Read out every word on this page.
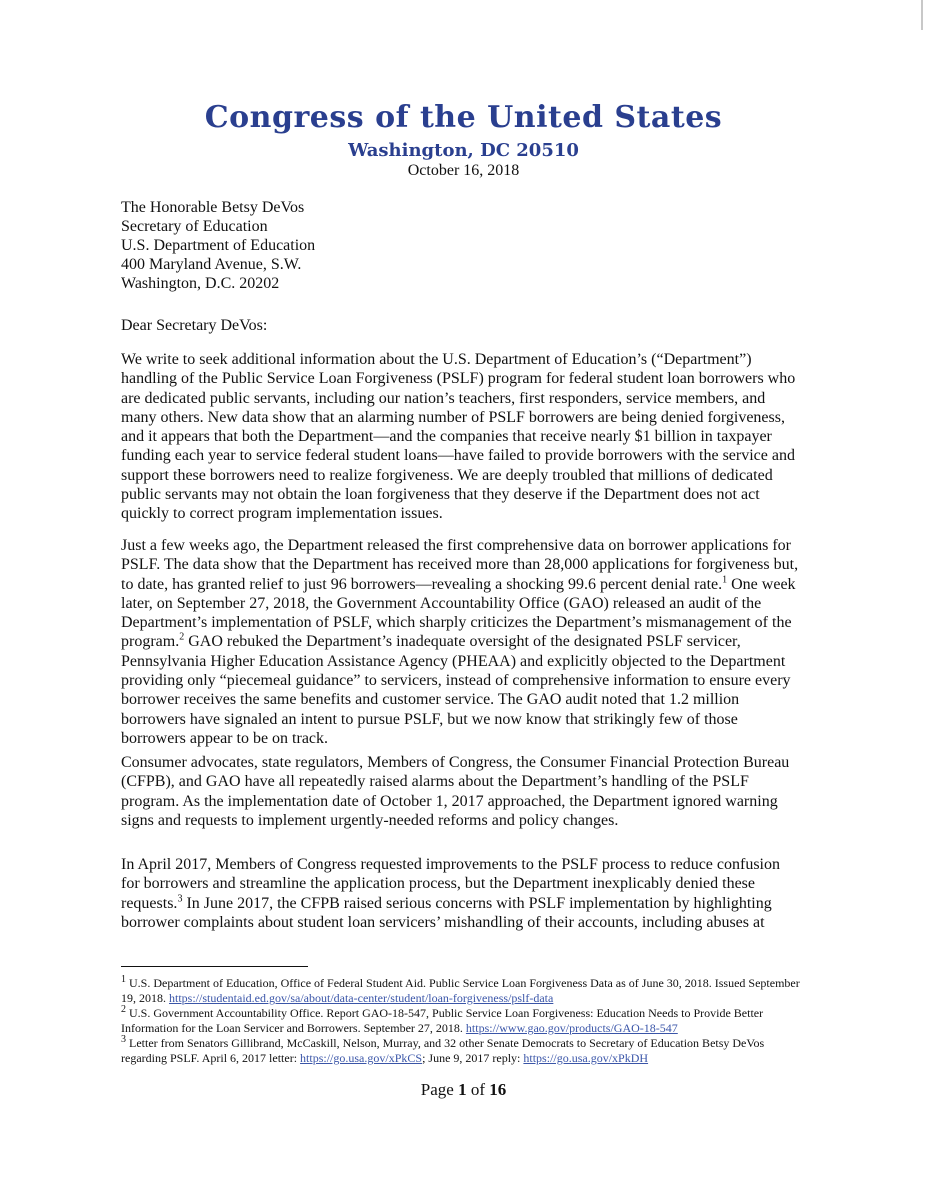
Congress of the United States
Washington, DC 20510
October 16, 2018
The Honorable Betsy DeVos
Secretary of Education
U.S. Department of Education
400 Maryland Avenue, S.W.
Washington, D.C. 20202
Dear Secretary DeVos:

We write to seek additional information about the U.S. Department of Education’s (“Department”) handling of the Public Service Loan Forgiveness (PSLF) program for federal student loan borrowers who are dedicated public servants, including our nation’s teachers, first responders, service members, and many others. New data show that an alarming number of PSLF borrowers are being denied forgiveness, and it appears that both the Department—and the companies that receive nearly $1 billion in taxpayer funding each year to service federal student loans—have failed to provide borrowers with the service and support these borrowers need to realize forgiveness. We are deeply troubled that millions of dedicated public servants may not obtain the loan forgiveness that they deserve if the Department does not act quickly to correct program implementation issues.

Just a few weeks ago, the Department released the first comprehensive data on borrower applications for PSLF. The data show that the Department has received more than 28,000 applications for forgiveness but, to date, has granted relief to just 96 borrowers—revealing a shocking 99.6 percent denial rate.$^1$ One week later, on September 27, 2018, the Government Accountability Office (GAO) released an audit of the Department’s implementation of PSLF, which sharply criticizes the Department’s mismanagement of the program.$^2$ GAO rebuked the Department’s inadequate oversight of the designated PSLF servicer, Pennsylvania Higher Education Assistance Agency (PHEAA) and explicitly objected to the Department providing only “piecemeal guidance” to servicers, instead of comprehensive information to ensure every borrower receives the same benefits and customer service. The GAO audit noted that 1.2 million borrowers have signaled an intent to pursue PSLF, but we now know that strikingly few of those borrowers appear to be on track.

Consumer advocates, state regulators, Members of Congress, the Consumer Financial Protection Bureau (CFPB), and GAO have all repeatedly raised alarms about the Department’s handling of the PSLF program. As the implementation date of October 1, 2017 approached, the Department ignored warning signs and requests to implement urgently-needed reforms and policy changes.

In April 2017, Members of Congress requested improvements to the PSLF process to reduce confusion for borrowers and streamline the application process, but the Department inexplicably denied these requests.$^3$ In June 2017, the CFPB raised serious concerns with PSLF implementation by highlighting borrower complaints about student loan servicers’ mishandling of their accounts, including abuses at

$^1$ U.S. Department of Education, Office of Federal Student Aid. Public Service Loan Forgiveness Data as of June 30, 2018. Issued September 19, 2018. https://studentaid.ed.gov/sa/about/data-center/student/loan-forgiveness/pslf-data

$^2$ U.S. Government Accountability Office. Report GAO-18-547, Public Service Loan Forgiveness: Education Needs to Provide Better Information for the Loan Servicer and Borrowers. September 27, 2018. https://www.gao.gov/products/GAO-18-547

$^3$ Letter from Senators Gillibrand, McCaskill, Nelson, Murray, and 32 other Senate Democrats to Secretary of Education Betsy DeVos regarding PSLF. April 6, 2017 letter: https://go.usa.gov/xPkCS; June 9, 2017 reply: https://go.usa.gov/xPkDH

Page 1 of 16
